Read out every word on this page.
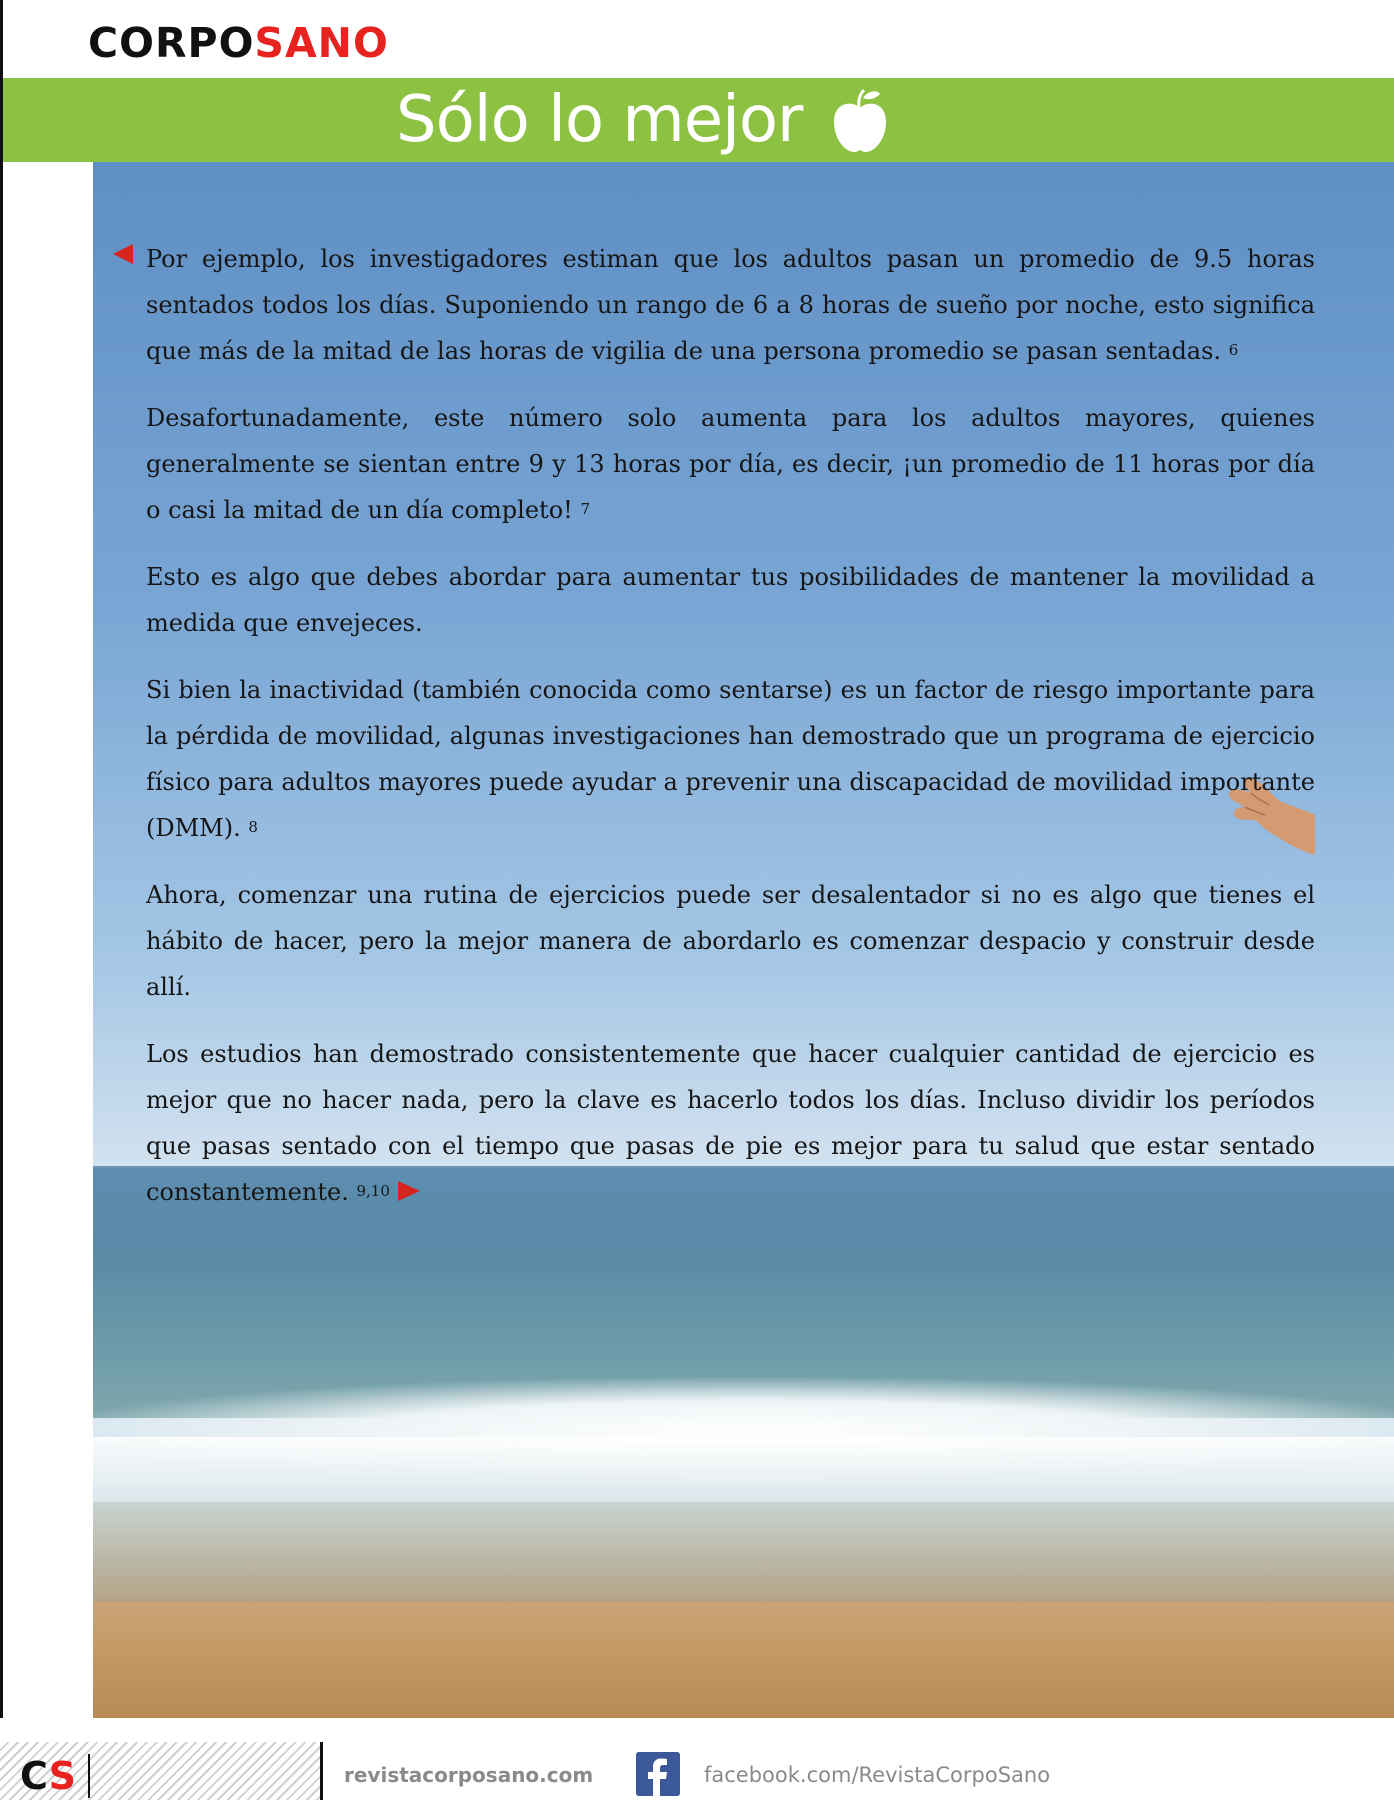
CORPOSANO
Sólo lo mejor

Por ejemplo, los investigadores estiman que los adultos pasan un promedio de 9.5 horas sentados todos los días. Suponiendo un rango de 6 a 8 horas de sueño por noche, esto significa que más de la mitad de las horas de vigilia de una persona promedio se pasan sentadas. $^6$

Desafortunadamente, este número solo aumenta para los adultos mayores, quienes generalmente se sientan entre 9 y 13 horas por día, es decir, ¡un promedio de 11 horas por día o casi la mitad de un día completo! $^7$

Esto es algo que debes abordar para aumentar tus posibilidades de mantener la movilidad a medida que envejeces.

Si bien la inactividad (también conocida como sentarse) es un factor de riesgo importante para la pérdida de movilidad, algunas investigaciones han demostrado que un programa de ejercicio físico para adultos mayores puede ayudar a prevenir una discapacidad de movilidad importante (DMM). $^8$

Ahora, comenzar una rutina de ejercicios puede ser desalentador si no es algo que tienes el hábito de hacer, pero la mejor manera de abordarlo es comenzar despacio y construir desde allí.

Los estudios han demostrado consistentemente que hacer cualquier cantidad de ejercicio es mejor que no hacer nada, pero la clave es hacerlo todos los días. Incluso dividir los períodos que pasas sentado con el tiempo que pasas de pie es mejor para tu salud que estar sentado constantemente. $^{9,10}$

CS	revistacorposano.com	facebook.com/RevistaCorpoSano
